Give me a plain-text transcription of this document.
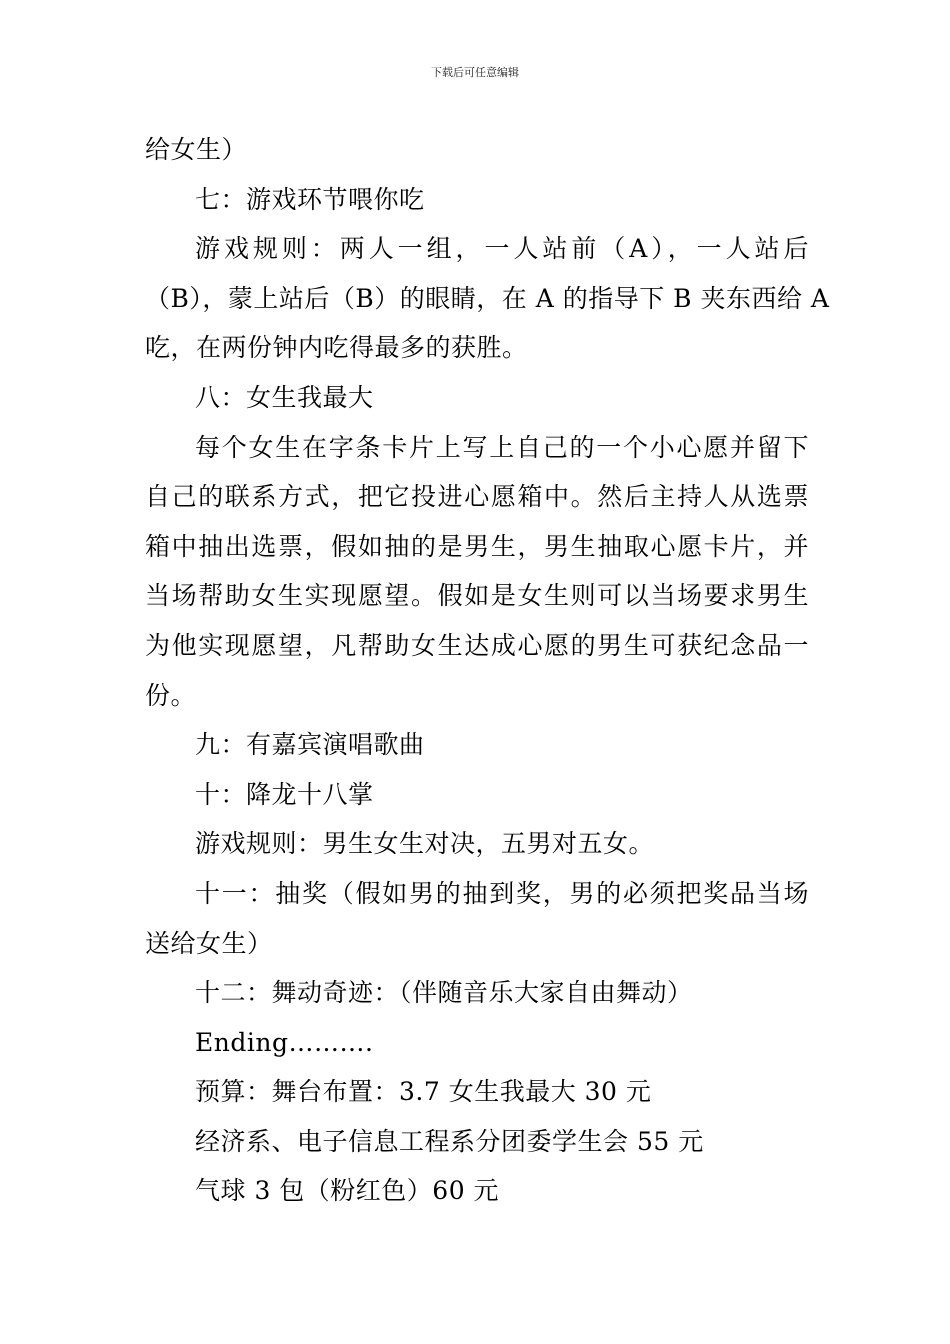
下载后可任意编辑
给女生）
七：游戏环节喂你吃
游戏规则：两人一组，一人站前（A），一人站后
（B），蒙上站后（B）的眼睛，在 A 的指导下 B 夹东西给 A
吃，在两份钟内吃得最多的获胜。
八：女生我最大
每个女生在字条卡片上写上自己的一个小心愿并留下
自己的联系方式，把它投进心愿箱中。然后主持人从选票
箱中抽出选票，假如抽的是男生，男生抽取心愿卡片，并
当场帮助女生实现愿望。假如是女生则可以当场要求男生
为他实现愿望，凡帮助女生达成心愿的男生可获纪念品一
份。
九：有嘉宾演唱歌曲
十：降龙十八掌
游戏规则：男生女生对决，五男对五女。
十一：抽奖（假如男的抽到奖，男的必须把奖品当场
送给女生）
十二：舞动奇迹：（伴随音乐大家自由舞动）
Ending……….
预算：舞台布置：3.7 女生我最大 30 元
经济系、电子信息工程系分团委学生会 55 元
气球 3 包（粉红色）60 元
